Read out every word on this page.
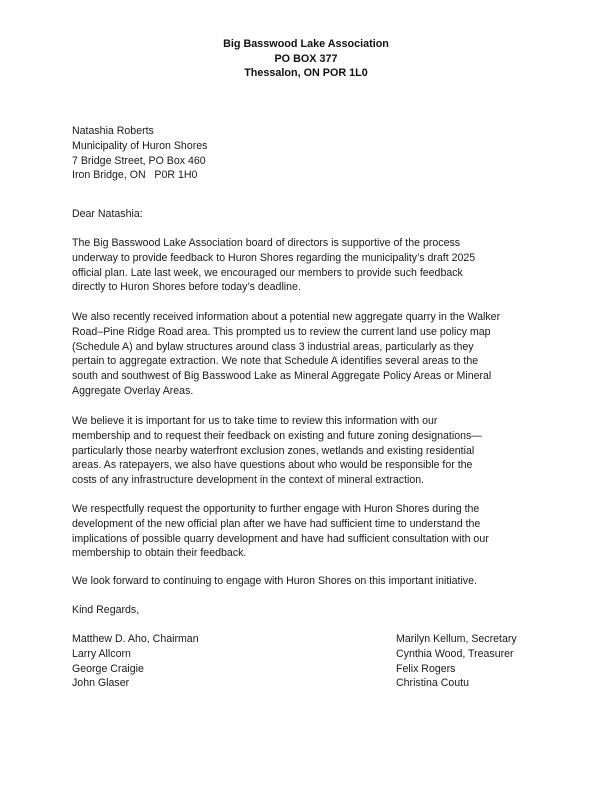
Big Basswood Lake Association
PO BOX 377
Thessalon, ON POR 1L0
Natashia Roberts
Municipality of Huron Shores
7 Bridge Street, PO Box 460
Iron Bridge, ON   P0R 1H0
Dear Natashia:
The Big Basswood Lake Association board of directors is supportive of the process
underway to provide feedback to Huron Shores regarding the municipality’s draft 2025
official plan. Late last week, we encouraged our members to provide such feedback
directly to Huron Shores before today’s deadline.
We also recently received information about a potential new aggregate quarry in the Walker
Road–Pine Ridge Road area. This prompted us to review the current land use policy map
(Schedule A) and bylaw structures around class 3 industrial areas, particularly as they
pertain to aggregate extraction. We note that Schedule A identifies several areas to the
south and southwest of Big Basswood Lake as Mineral Aggregate Policy Areas or Mineral
Aggregate Overlay Areas.
We believe it is important for us to take time to review this information with our
membership and to request their feedback on existing and future zoning designations—
particularly those nearby waterfront exclusion zones, wetlands and existing residential
areas. As ratepayers, we also have questions about who would be responsible for the
costs of any infrastructure development in the context of mineral extraction.
We respectfully request the opportunity to further engage with Huron Shores during the
development of the new official plan after we have had sufficient time to understand the
implications of possible quarry development and have had sufficient consultation with our
membership to obtain their feedback.
We look forward to continuing to engage with Huron Shores on this important initiative.
Kind Regards,
Matthew D. Aho, Chairman
Larry Allcorn
George Craigie
John Glaser
Marilyn Kellum, Secretary
Cynthia Wood, Treasurer
Felix Rogers
Christina Coutu
